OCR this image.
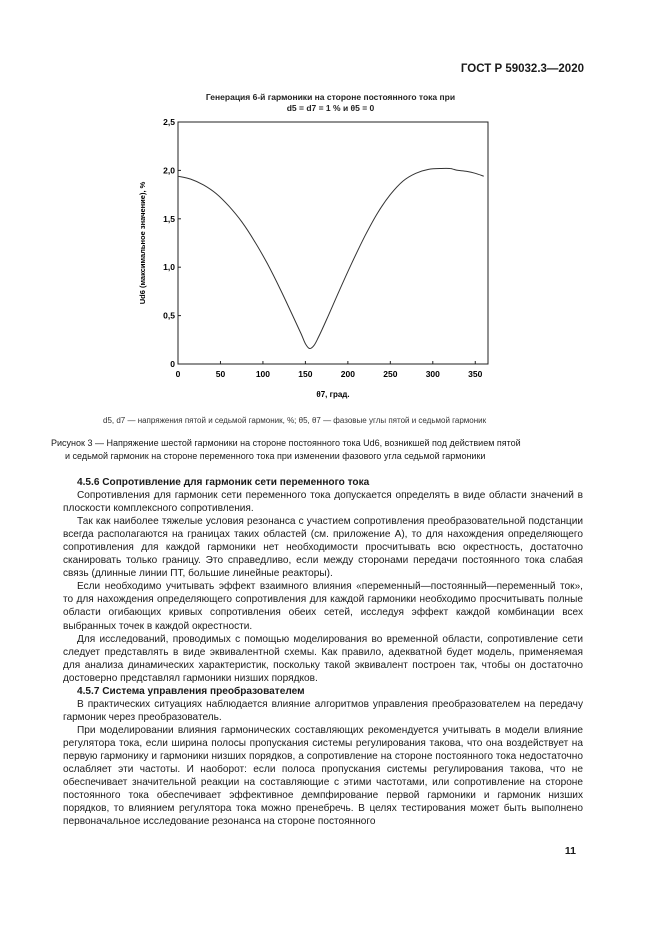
ГОСТ Р 59032.3—2020
Генерация 6-й гармоники на стороне постоянного тока при
d5 = d7 = 1 % и θ5 = 0
0	50	100	150	200	250	300	350
0
0,5
1,0
1,5
2,0
2,5
θ7, град.
Ud6 (максимальное значение), %
d5, d7 — напряжения пятой и седьмой гармоник, %; θ5, θ7 — фазовые углы пятой и седьмой гармоник
Рисунок 3 — Напряжение шестой гармоники на стороне постоянного тока Ud6, возникшей под действием пятой
и седьмой гармоник на стороне переменного тока при изменении фазового угла седьмой гармоники
4.5.6 Сопротивление для гармоник сети переменного тока

Сопротивления для гармоник сети переменного тока допускается определять в виде области значений в плоскости комплексного сопротивления.

Так как наиболее тяжелые условия резонанса с участием сопротивления преобразовательной подстанции всегда располагаются на границах таких областей (см. приложение А), то для нахождения определяющего сопротивления для каждой гармоники нет необходимости просчитывать всю окрестность, достаточно сканировать только границу. Это справедливо, если между сторонами передачи постоянного тока слабая связь (длинные линии ПТ, большие линейные реакторы).

Если необходимо учитывать эффект взаимного влияния «переменный—постоянный—переменный ток», то для нахождения определяющего сопротивления для каждой гармоники необходимо просчитывать полные области огибающих кривых сопротивления обеих сетей, исследуя эффект каждой комбинации всех выбранных точек в каждой окрестности.

Для исследований, проводимых с помощью моделирования во временной области, сопротивление сети следует представлять в виде эквивалентной схемы. Как правило, адекватной будет модель, применяемая для анализа динамических характеристик, поскольку такой эквивалент построен так, чтобы он достаточно достоверно представлял гармоники низших порядков.

4.5.7 Система управления преобразователем

В практических ситуациях наблюдается влияние алгоритмов управления преобразователем на передачу гармоник через преобразователь.

При моделировании влияния гармонических составляющих рекомендуется учитывать в модели влияние регулятора тока, если ширина полосы пропускания системы регулирования такова, что она воздействует на первую гармонику и гармоники низших порядков, а сопротивление на стороне постоянного тока недостаточно ослабляет эти частоты. И наоборот: если полоса пропускания системы регулирования такова, что не обеспечивает значительной реакции на составляющие с этими частотами, или сопротивление на стороне постоянного тока обеспечивает эффективное демпфирование первой гармоники и гармоник низших порядков, то влиянием регулятора тока можно пренебречь. В целях тестирования может быть выполнено первоначальное исследование резонанса на стороне постоянного

11
